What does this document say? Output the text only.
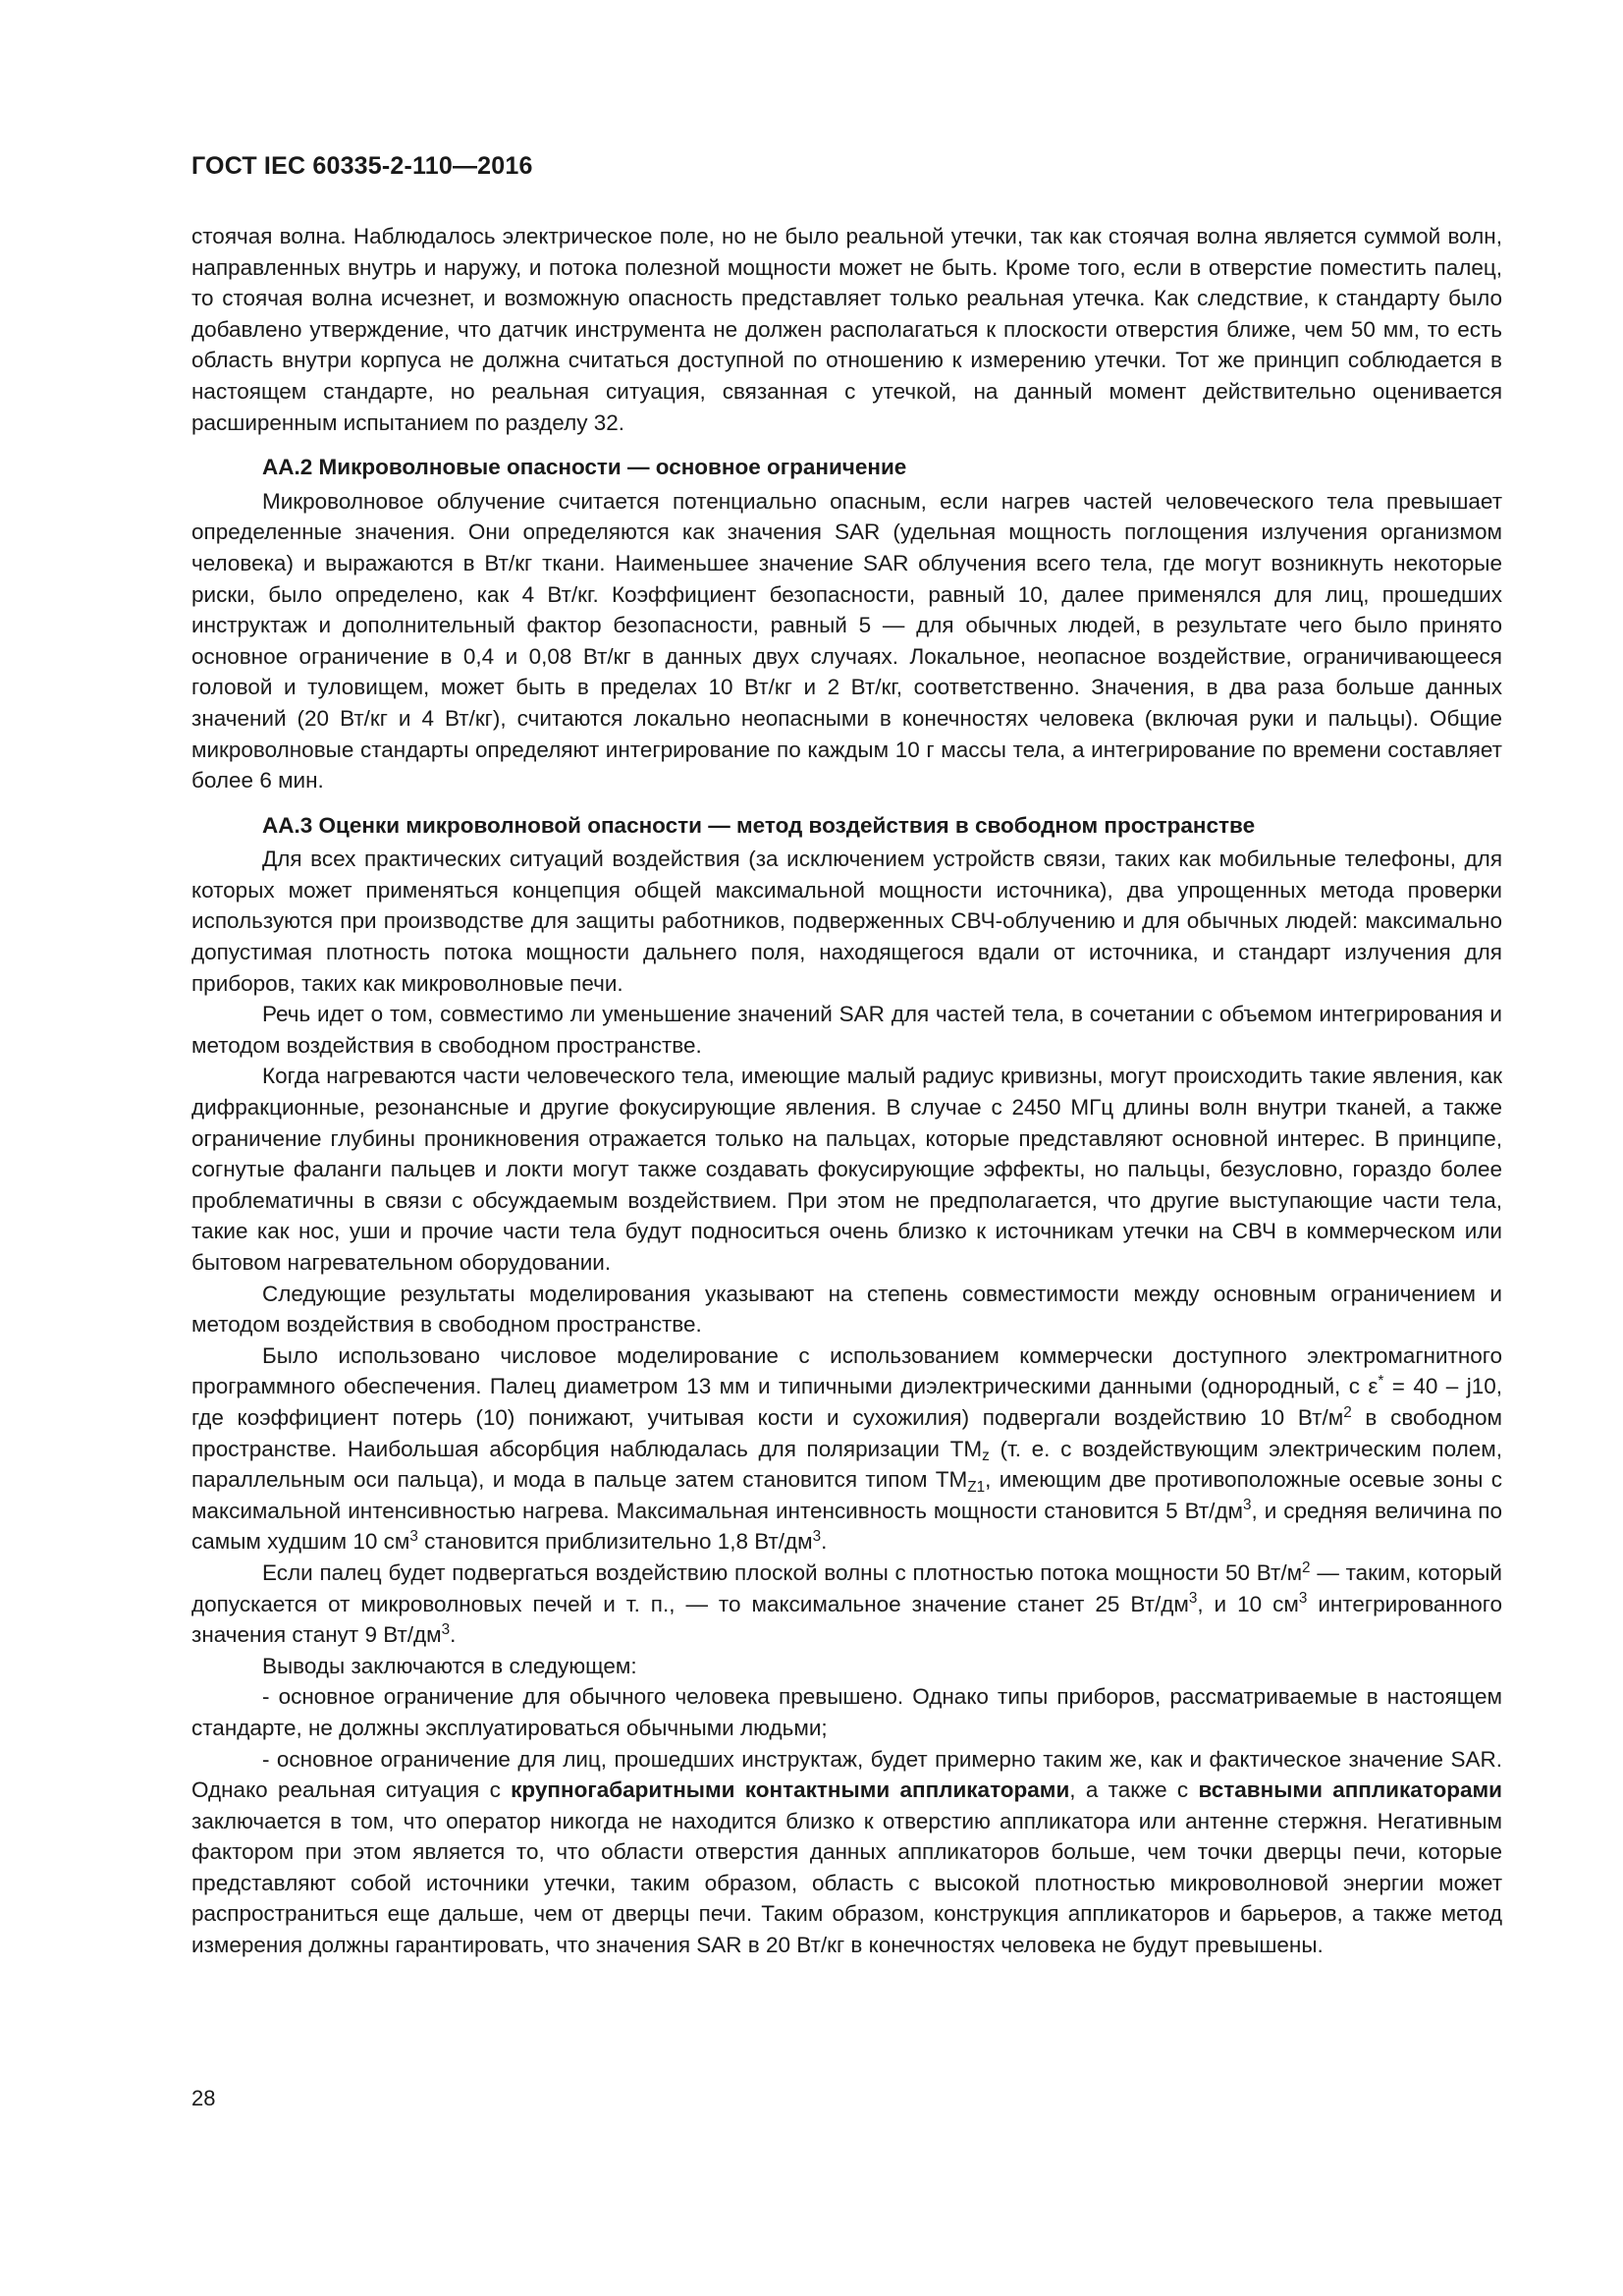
ГОСТ IEC 60335-2-110—2016

стоячая волна. Наблюдалось электрическое поле, но не было реальной утечки, так как стоячая волна является суммой волн, направленных внутрь и наружу, и потока полезной мощности может не быть. Кроме того, если в отверстие поместить палец, то стоячая волна исчезнет, и возможную опасность представляет только реальная утечка. Как следствие, к стандарту было добавлено утверждение, что датчик инструмента не должен располагаться к плоскости отверстия ближе, чем 50 мм, то есть область внутри корпуса не должна считаться доступной по отношению к измерению утечки. Тот же принцип соблюдается в настоящем стандарте, но реальная ситуация, связанная с утечкой, на данный момент действительно оценивается расширенным испытанием по разделу 32.

АА.2 Микроволновые опасности — основное ограничение

Микроволновое облучение считается потенциально опасным, если нагрев частей человеческого тела превышает определенные значения. Они определяются как значения SAR (удельная мощность поглощения излучения организмом человека) и выражаются в Вт/кг ткани. Наименьшее значение SAR облучения всего тела, где могут возникнуть некоторые риски, было определено, как 4 Вт/кг. Коэффициент безопасности, равный 10, далее применялся для лиц, прошедших инструктаж и дополнительный фактор безопасности, равный 5 — для обычных людей, в результате чего было принято основное ограничение в 0,4 и 0,08 Вт/кг в данных двух случаях. Локальное, неопасное воздействие, ограничивающееся головой и туловищем, может быть в пределах 10 Вт/кг и 2 Вт/кг, соответственно. Значения, в два раза больше данных значений (20 Вт/кг и 4 Вт/кг), считаются локально неопасными в конечностях человека (включая руки и пальцы). Общие микроволновые стандарты определяют интегрирование по каждым 10 г массы тела, а интегрирование по времени составляет более 6 мин.

АА.3 Оценки микроволновой опасности — метод воздействия в свободном пространстве

Для всех практических ситуаций воздействия (за исключением устройств связи, таких как мобильные телефоны, для которых может применяться концепция общей максимальной мощности источника), два упрощенных метода проверки используются при производстве для защиты работников, подверженных СВЧ-облучению и для обычных людей: максимально допустимая плотность потока мощности дальнего поля, находящегося вдали от источника, и стандарт излучения для приборов, таких как микроволновые печи.

Речь идет о том, совместимо ли уменьшение значений SAR для частей тела, в сочетании с объемом интегрирования и методом воздействия в свободном пространстве.

Когда нагреваются части человеческого тела, имеющие малый радиус кривизны, могут происходить такие явления, как дифракционные, резонансные и другие фокусирующие явления. В случае с 2450 МГц длины волн внутри тканей, а также ограничение глубины проникновения отражается только на пальцах, которые представляют основной интерес. В принципе, согнутые фаланги пальцев и локти могут также создавать фокусирующие эффекты, но пальцы, безусловно, гораздо более проблематичны в связи с обсуждаемым воздействием. При этом не предполагается, что другие выступающие части тела, такие как нос, уши и прочие части тела будут подноситься очень близко к источникам утечки на СВЧ в коммерческом или бытовом нагревательном оборудовании.

Следующие результаты моделирования указывают на степень совместимости между основным ограничением и методом воздействия в свободном пространстве.

Было использовано числовое моделирование с использованием коммерчески доступного электромагнитного программного обеспечения. Палец диаметром 13 мм и типичными диэлектрическими данными (однородный, с ε* = 40 – j10, где коэффициент потерь (10) понижают, учитывая кости и сухожилия) подвергали воздействию 10 $Вт/м^2$ в свободном пространстве. Наибольшая абсорбция наблюдалась для поляризации $TM_z$ (т. е. с воздействующим электрическим полем, параллельным оси пальца), и мода в пальце затем становится типом $TM_{Z1}$, имеющим две противоположные осевые зоны с максимальной интенсивностью нагрева. Максимальная интенсивность мощности становится 5 $Вт/дм^3$, и средняя величина по самым худшим 10 $см^3$ становится приблизительно 1,8 $Вт/дм^3$.

Если палец будет подвергаться воздействию плоской волны с плотностью потока мощности 50 $Вт/м^2$ — таким, который допускается от микроволновых печей и т. п., — то максимальное значение станет 25 $Вт/дм^3$, и 10 $см^3$ интегрированного значения станут 9 $Вт/дм^3$.

Выводы заключаются в следующем:

- основное ограничение для обычного человека превышено. Однако типы приборов, рассматриваемые в настоящем стандарте, не должны эксплуатироваться обычными людьми;

- основное ограничение для лиц, прошедших инструктаж, будет примерно таким же, как и фактическое значение SAR. Однако реальная ситуация с крупногабаритными контактными аппликаторами, а также с вставными аппликаторами заключается в том, что оператор никогда не находится близко к отверстию аппликатора или антенне стержня. Негативным фактором при этом является то, что области отверстия данных аппликаторов больше, чем точки дверцы печи, которые представляют собой источники утечки, таким образом, область с высокой плотностью микроволновой энергии может распространиться еще дальше, чем от дверцы печи. Таким образом, конструкция аппликаторов и барьеров, а также метод измерения должны гарантировать, что значения SAR в 20 Вт/кг в конечностях человека не будут превышены.

28
